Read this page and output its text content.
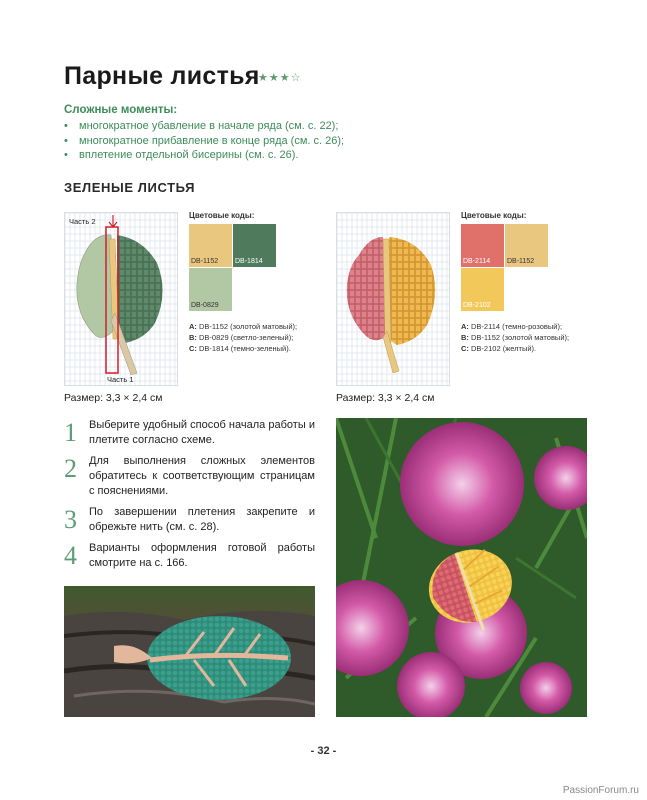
Парные листья
★★★☆
Сложные моменты:
• многократное убавление в начале ряда (см. с. 22);
• многократное прибавление в конце ряда (см. с. 26);
• вплетение отдельной бисерины (см. с. 26).
ЗЕЛЕНЫЕ ЛИСТЬЯ
Часть 2
Часть 1
Цветовые коды:
DB-1152 DB-1814
DB-0829
A: DB-1152 (золотой матовый);
B: DB-0829 (светло-зеленый);
C: DB-1814 (темно-зеленый).
Размер: 3,3 × 2,4 см
Цветовые коды:
DB-2114 DB-1152
DB-2102
A: DB-2114 (темно-розовый);
B: DB-1152 (золотой матовый);
C: DB-2102 (желтый).
Размер: 3,3 × 2,4 см
1 Выберите удобный способ начала работы и плетите согласно схеме.
2 Для выполнения сложных элементов обратитесь к соответствующим страницам с пояснениями.
3 По завершении плетения закрепите и обрежьте нить (см. с. 28).
4 Варианты оформления готовой работы смотрите на с. 166.
- 32 -
PassionForum.ru
